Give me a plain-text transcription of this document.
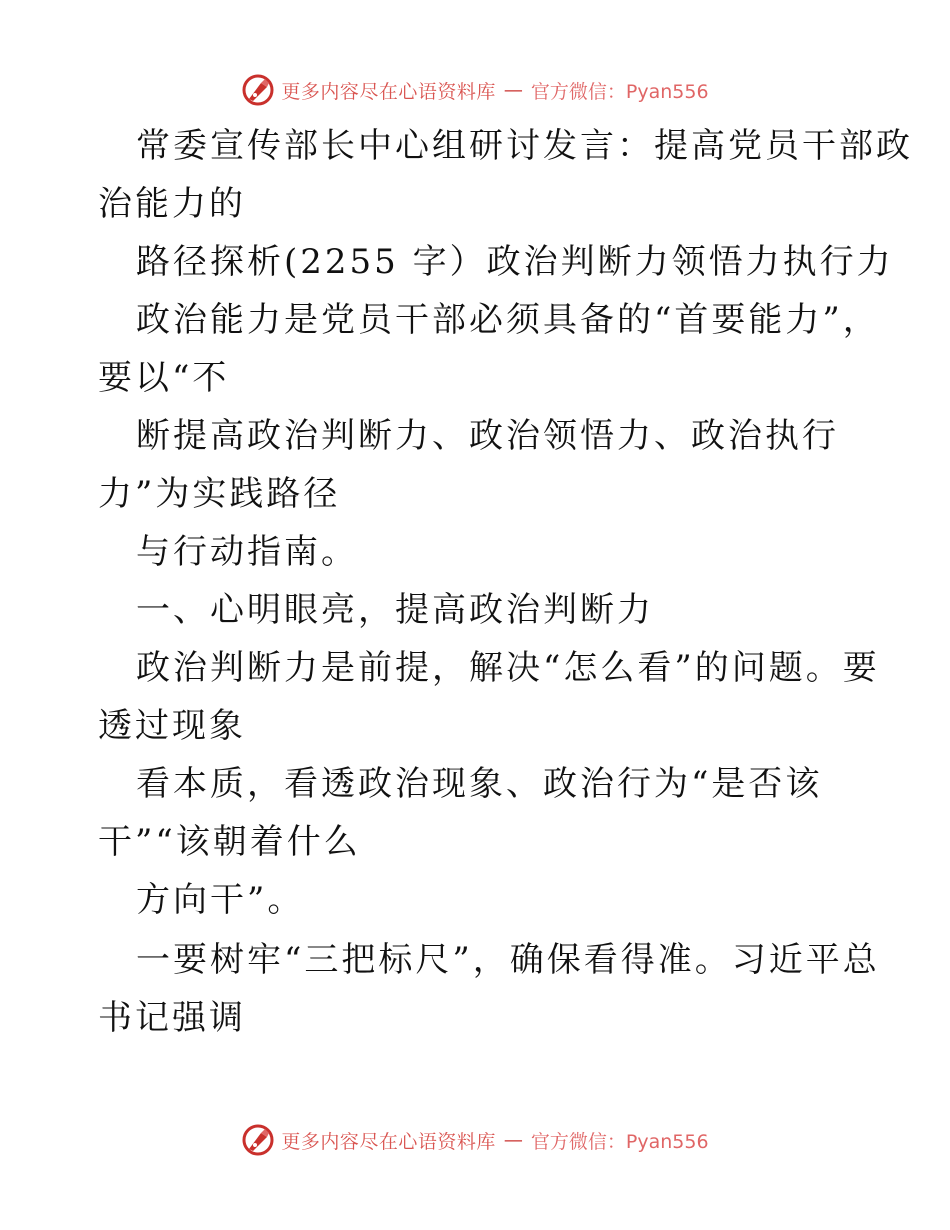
更多内容尽在心语资料库 — 官方微信：Pyan556
常委宣传部长中心组研讨发言：提高党员干部政
治能力的
路径探析(2255 字）政治判断力领悟力执行力
政治能力是党员干部必须具备的“首要能力”，
要以“不
断提高政治判断力、政治领悟力、政治执行
力”为实践路径
与行动指南。
一、心明眼亮，提高政治判断力
政治判断力是前提，解决“怎么看”的问题。要
透过现象
看本质，看透政治现象、政治行为“是否该
干”“该朝着什么
方向干”。
一要树牢“三把标尺”，确保看得准。习近平总
书记强调
更多内容尽在心语资料库 — 官方微信：Pyan556
